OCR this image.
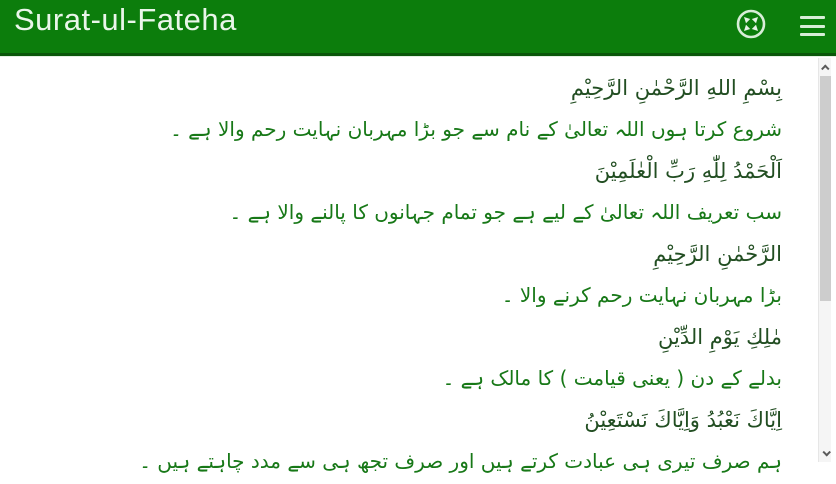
Surat-ul-Fateha
بِسْمِ اللهِ الرَّحْمٰنِ الرَّحِيْمِ
شروع کرتا ہوں اللہ تعالیٰ کے نام سے جو بڑا مہربان نہایت رحم والا ہے ۔
اَلْحَمْدُ لِلّٰهِ رَبِّ الْعٰلَمِيْنَ
سب تعریف اللہ تعالیٰ کے لیے ہے جو تمام جہانوں کا پالنے والا ہے ۔
الرَّحْمٰنِ الرَّحِيْمِ
بڑا مہربان نہایت رحم کرنے والا ۔
مٰلِكِ يَوْمِ الدِّيْنِ
بدلے کے دن ( یعنی قیامت ) کا مالک ہے ۔
اِيَّاكَ نَعْبُدُ وَاِيَّاكَ نَسْتَعِيْنُ
ہم صرف تیری ہی عبادت کرتے ہیں اور صرف تجھ ہی سے مدد چاہتے ہیں ۔
